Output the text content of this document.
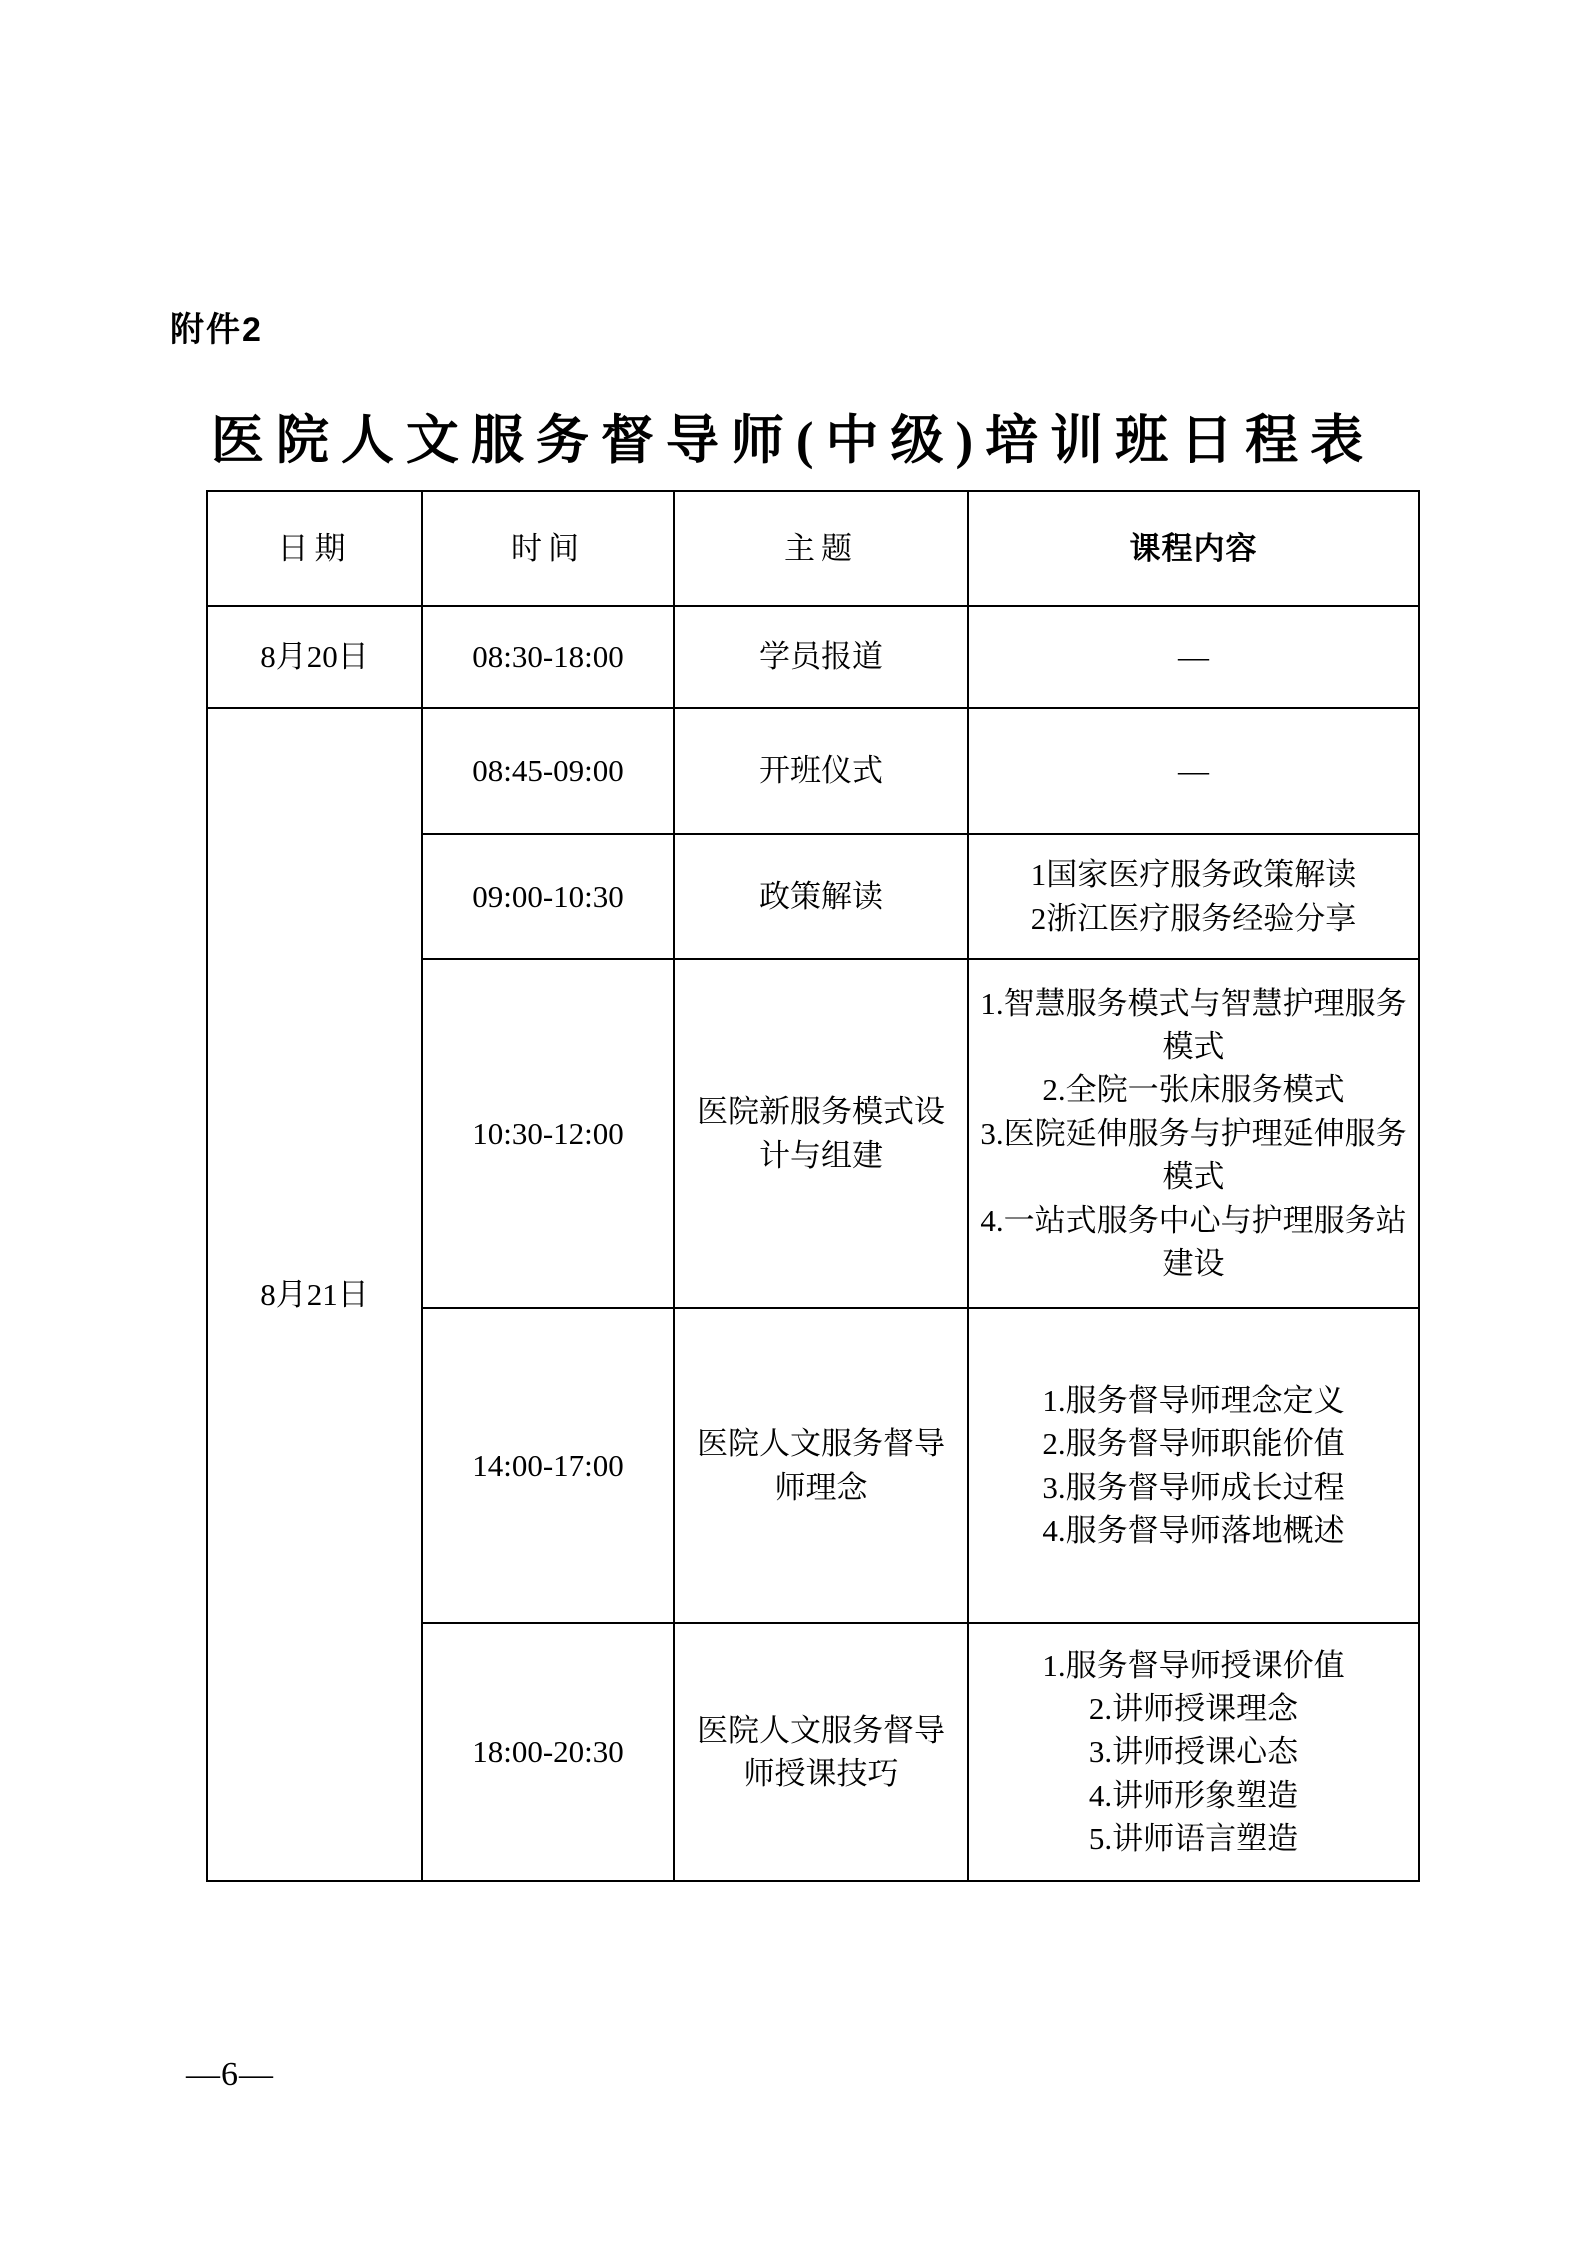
附件2
医院人文服务督导师(中级)培训班日程表
日期	时间	主题	课程内容
8月20日	08:30-18:00	学员报道	—
8月21日	08:45-09:00	开班仪式	—
	09:00-10:30	政策解读	1国家医疗服务政策解读
2浙江医疗服务经验分享

	10:30-12:00	医院新服务模式设计与组建	1.智慧服务模式与智慧护理服务模式
2.全院一张床服务模式
3.医院延伸服务与护理延伸服务模式
4.一站式服务中心与护理服务站建设

	14:00-17:00	医院人文服务督导师理念	1.服务督导师理念定义
2.服务督导师职能价值
3.服务督导师成长过程
4.服务督导师落地概述

	18:00-20:30	医院人文服务督导师授课技巧	1.服务督导师授课价值
2.讲师授课理念
3.讲师授课心态
4.讲师形象塑造
5.讲师语言塑造
—6—
